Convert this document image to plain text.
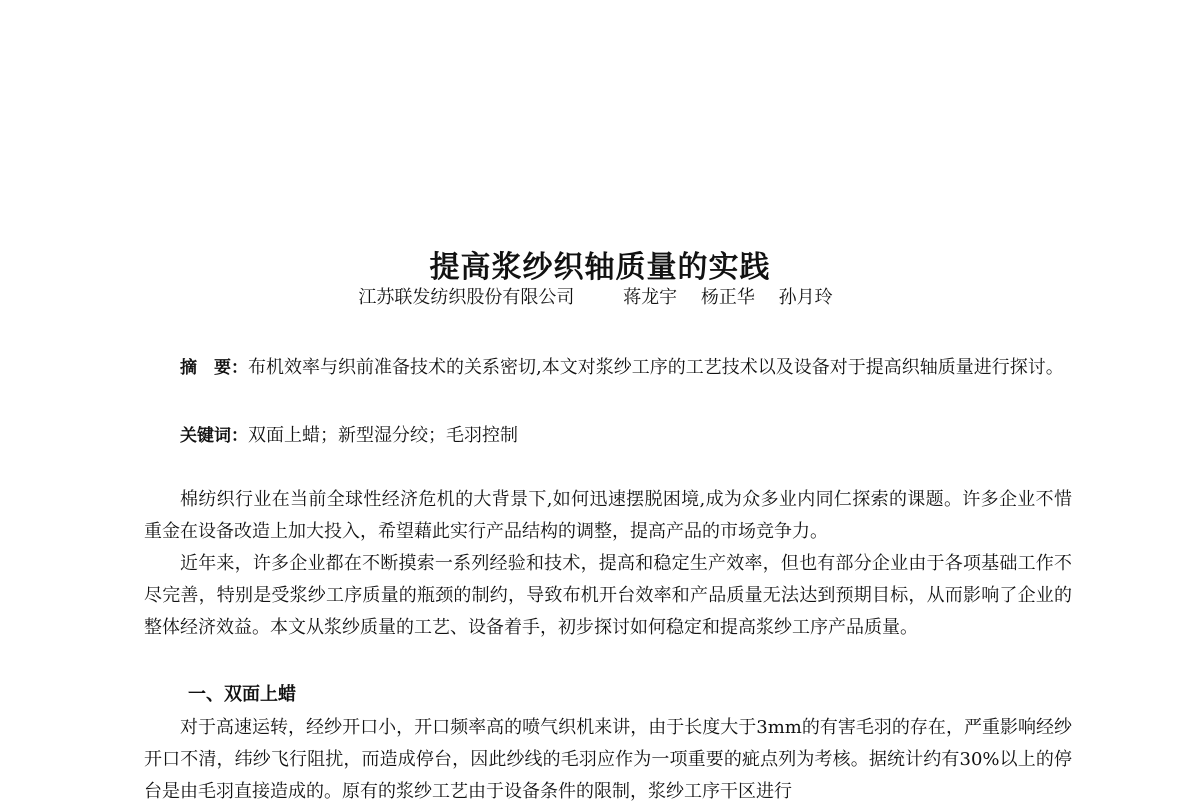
提高浆纱织轴质量的实践
江苏联发纺织股份有限公司	蒋龙宇 杨正华 孙月玲
摘　要：布机效率与织前准备技术的关系密切,本文对浆纱工序的工艺技术以及设备对于提高织轴质量进行探讨。
关键词：双面上蜡；新型湿分绞；毛羽控制

棉纺织行业在当前全球性经济危机的大背景下,如何迅速摆脱困境,成为众多业内同仁探索的课题。许多企业不惜重金在设备改造上加大投入，希望藉此实行产品结构的调整，提高产品的市场竞争力。

近年来，许多企业都在不断摸索一系列经验和技术，提高和稳定生产效率，但也有部分企业由于各项基础工作不尽完善，特别是受浆纱工序质量的瓶颈的制约，导致布机开台效率和产品质量无法达到预期目标，从而影响了企业的整体经济效益。本文从浆纱质量的工艺、设备着手，初步探讨如何稳定和提高浆纱工序产品质量。

一、双面上蜡

对于高速运转，经纱开口小，开口频率高的喷气织机来讲，由于长度大于3mm的有害毛羽的存在，严重影响经纱开口不清，纬纱飞行阻扰，而造成停台，因此纱线的毛羽应作为一项重要的疵点列为考核。据统计约有30%以上的停台是由毛羽直接造成的。原有的浆纱工艺由于设备条件的限制，浆纱工序干区进行
